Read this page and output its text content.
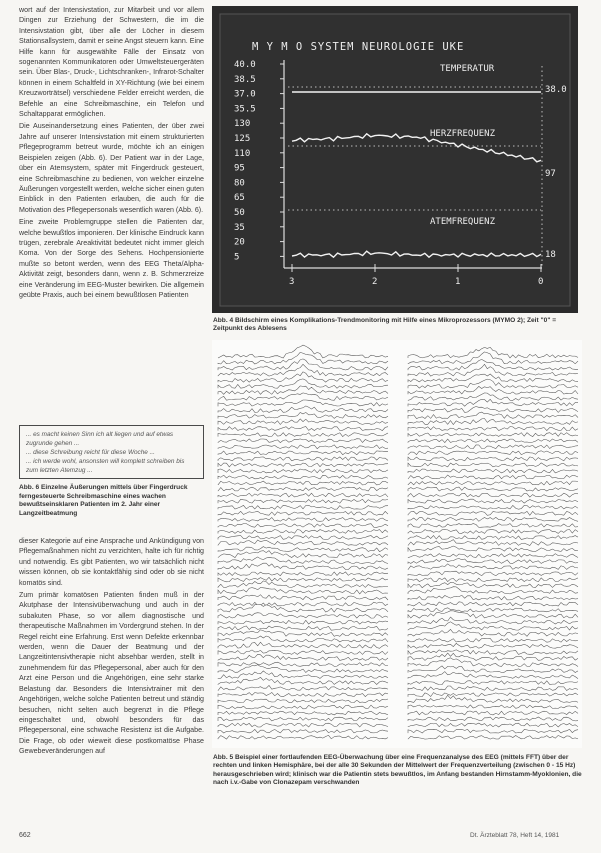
wort auf der Intensivstation, zur Mitarbeit und vor allem Dingen zur Erziehung der Schwestern, die im die Intensivstation gibt, über alle der Löcher in diesem Stationsallsystem, damit er seine Angst steuern kann. Eine Hilfe kann für ausgewählte Fälle der Einsatz von sogenannten Kommunikatoren oder Umweltsteuergeräten sein. Über Blas-, Druck-, Lichtschranken-, Infrarot-Schalter können in einem Schaltfeld in XY-Richtung (wie bei einem Kreuzworträtsel) verschiedene Felder erreicht werden, die Befehle an eine Schreibmaschine, ein Telefon und Schaltapparat ermöglichen.

Die Auseinandersetzung eines Patienten, der über zwei Jahre auf unserer Intensivstation mit einem strukturierten Pflegeprogramm betreut wurde, möchte ich an einigen Beispielen zeigen (Abb. 6). Der Patient war in der Lage, über ein Atemsystem, später mit Fingerdruck gesteuert, eine Schreibmaschine zu bedienen, von welcher einzelne Äußerungen vorgestellt werden, welche sicher einen guten Einblick in den Patienten erlauben, die auch für die Motivation des Pflegepersonals wesentlich waren (Abb. 6).

Eine zweite Problemgruppe stellen die Patienten dar, welche bewußtlos imponieren. Der klinische Eindruck kann trügen, zerebrale Areaktivität bedeutet nicht immer gleich Koma. Von der Sorge des Sehens. Hochpensionierte mußte so betont werden, wenn des EEG Theta/Alpha-Aktivität zeigt, besonders dann, wenn z. B. Schmerzreize eine Veränderung im EEG-Muster bewirken. Die allgemein geübte Praxis, auch bei einem bewußtlosen Patienten

... es macht keinen Sinn ich alt liegen und auf etwas zugrunde gehen ...
... diese Schreibung reicht für diese Woche ...
... ich werde wohl, ansonsten will komplett schreiben bis zum letzten Atemzug ...
Abb. 6 Einzelne Äußerungen mittels über Fingerdruck ferngesteuerte Schreibmaschine eines wachen bewußtseinsklaren Patienten im 2. Jahr einer Langzeitbeatmung

dieser Kategorie auf eine Ansprache und Ankündigung von Pflegemaßnahmen nicht zu verzichten, halte ich für richtig und notwendig. Es gibt Patienten, wo wir tatsächlich nicht wissen können, ob sie kontaktfähig sind oder ob sie nicht komatös sind.

Zum primär komatösen Patienten finden muß in der Akutphase der Intensivüberwachung und auch in der subakuten Phase, so vor allem diagnostische und therapeutische Maßnahmen im Vordergrund stehen. In der Regel reicht eine Erfahrung. Erst wenn Defekte erkennbar werden, wenn die Dauer der Beatmung und der Langzeitintensivtherapie nicht absehbar werden, stellt in zunehmendem für das Pflegepersonal, aber auch für den Arzt eine Person und die Angehörigen, eine sehr starke Belastung dar. Besonders die Intensivtrainer mit den Angehörigen, welche solche Patienten betreut und ständig besuchen, nicht selten auch begrenzt in die Pflege eingeschaltet und, obwohl besonders für das Pflegepersonal, eine schwache Resistenz ist die Aufgabe. Die Frage, ob oder wieweit diese postkomatöse Phase Gewebeveränderungen auf

M Y M O SYSTEM NEUROLOGIE UKE
40.0
38.5
37.0
35.5
130
125
110
95
80
65
50
35
20
5
3	2	1	0
TEMPERATUR
HERZFREQUENZ
ATEMFREQUENZ
38.0
97
18
Abb. 4 Bildschirm eines Komplikations-Trendmonitoring mit Hilfe eines Mikroprozessors (MYMO 2); Zeit "0" = Zeitpunkt des Ablesens
Abb. 5 Beispiel einer fortlaufenden EEG-Überwachung über eine Frequenzanalyse des EEG (mittels FFT) über der rechten und linken Hemisphäre, bei der alle 30 Sekunden der Mittelwert der Frequenzverteilung (zwischen 0 - 15 Hz) herausgeschrieben wird; klinisch war die Patientin stets bewußtlos, im Anfang bestanden Hirnstamm-Myoklonien, die nach i.v.-Gabe von Clonazepam verschwanden
662	Dt. Ärzteblatt 78, Heft 14, 1981
